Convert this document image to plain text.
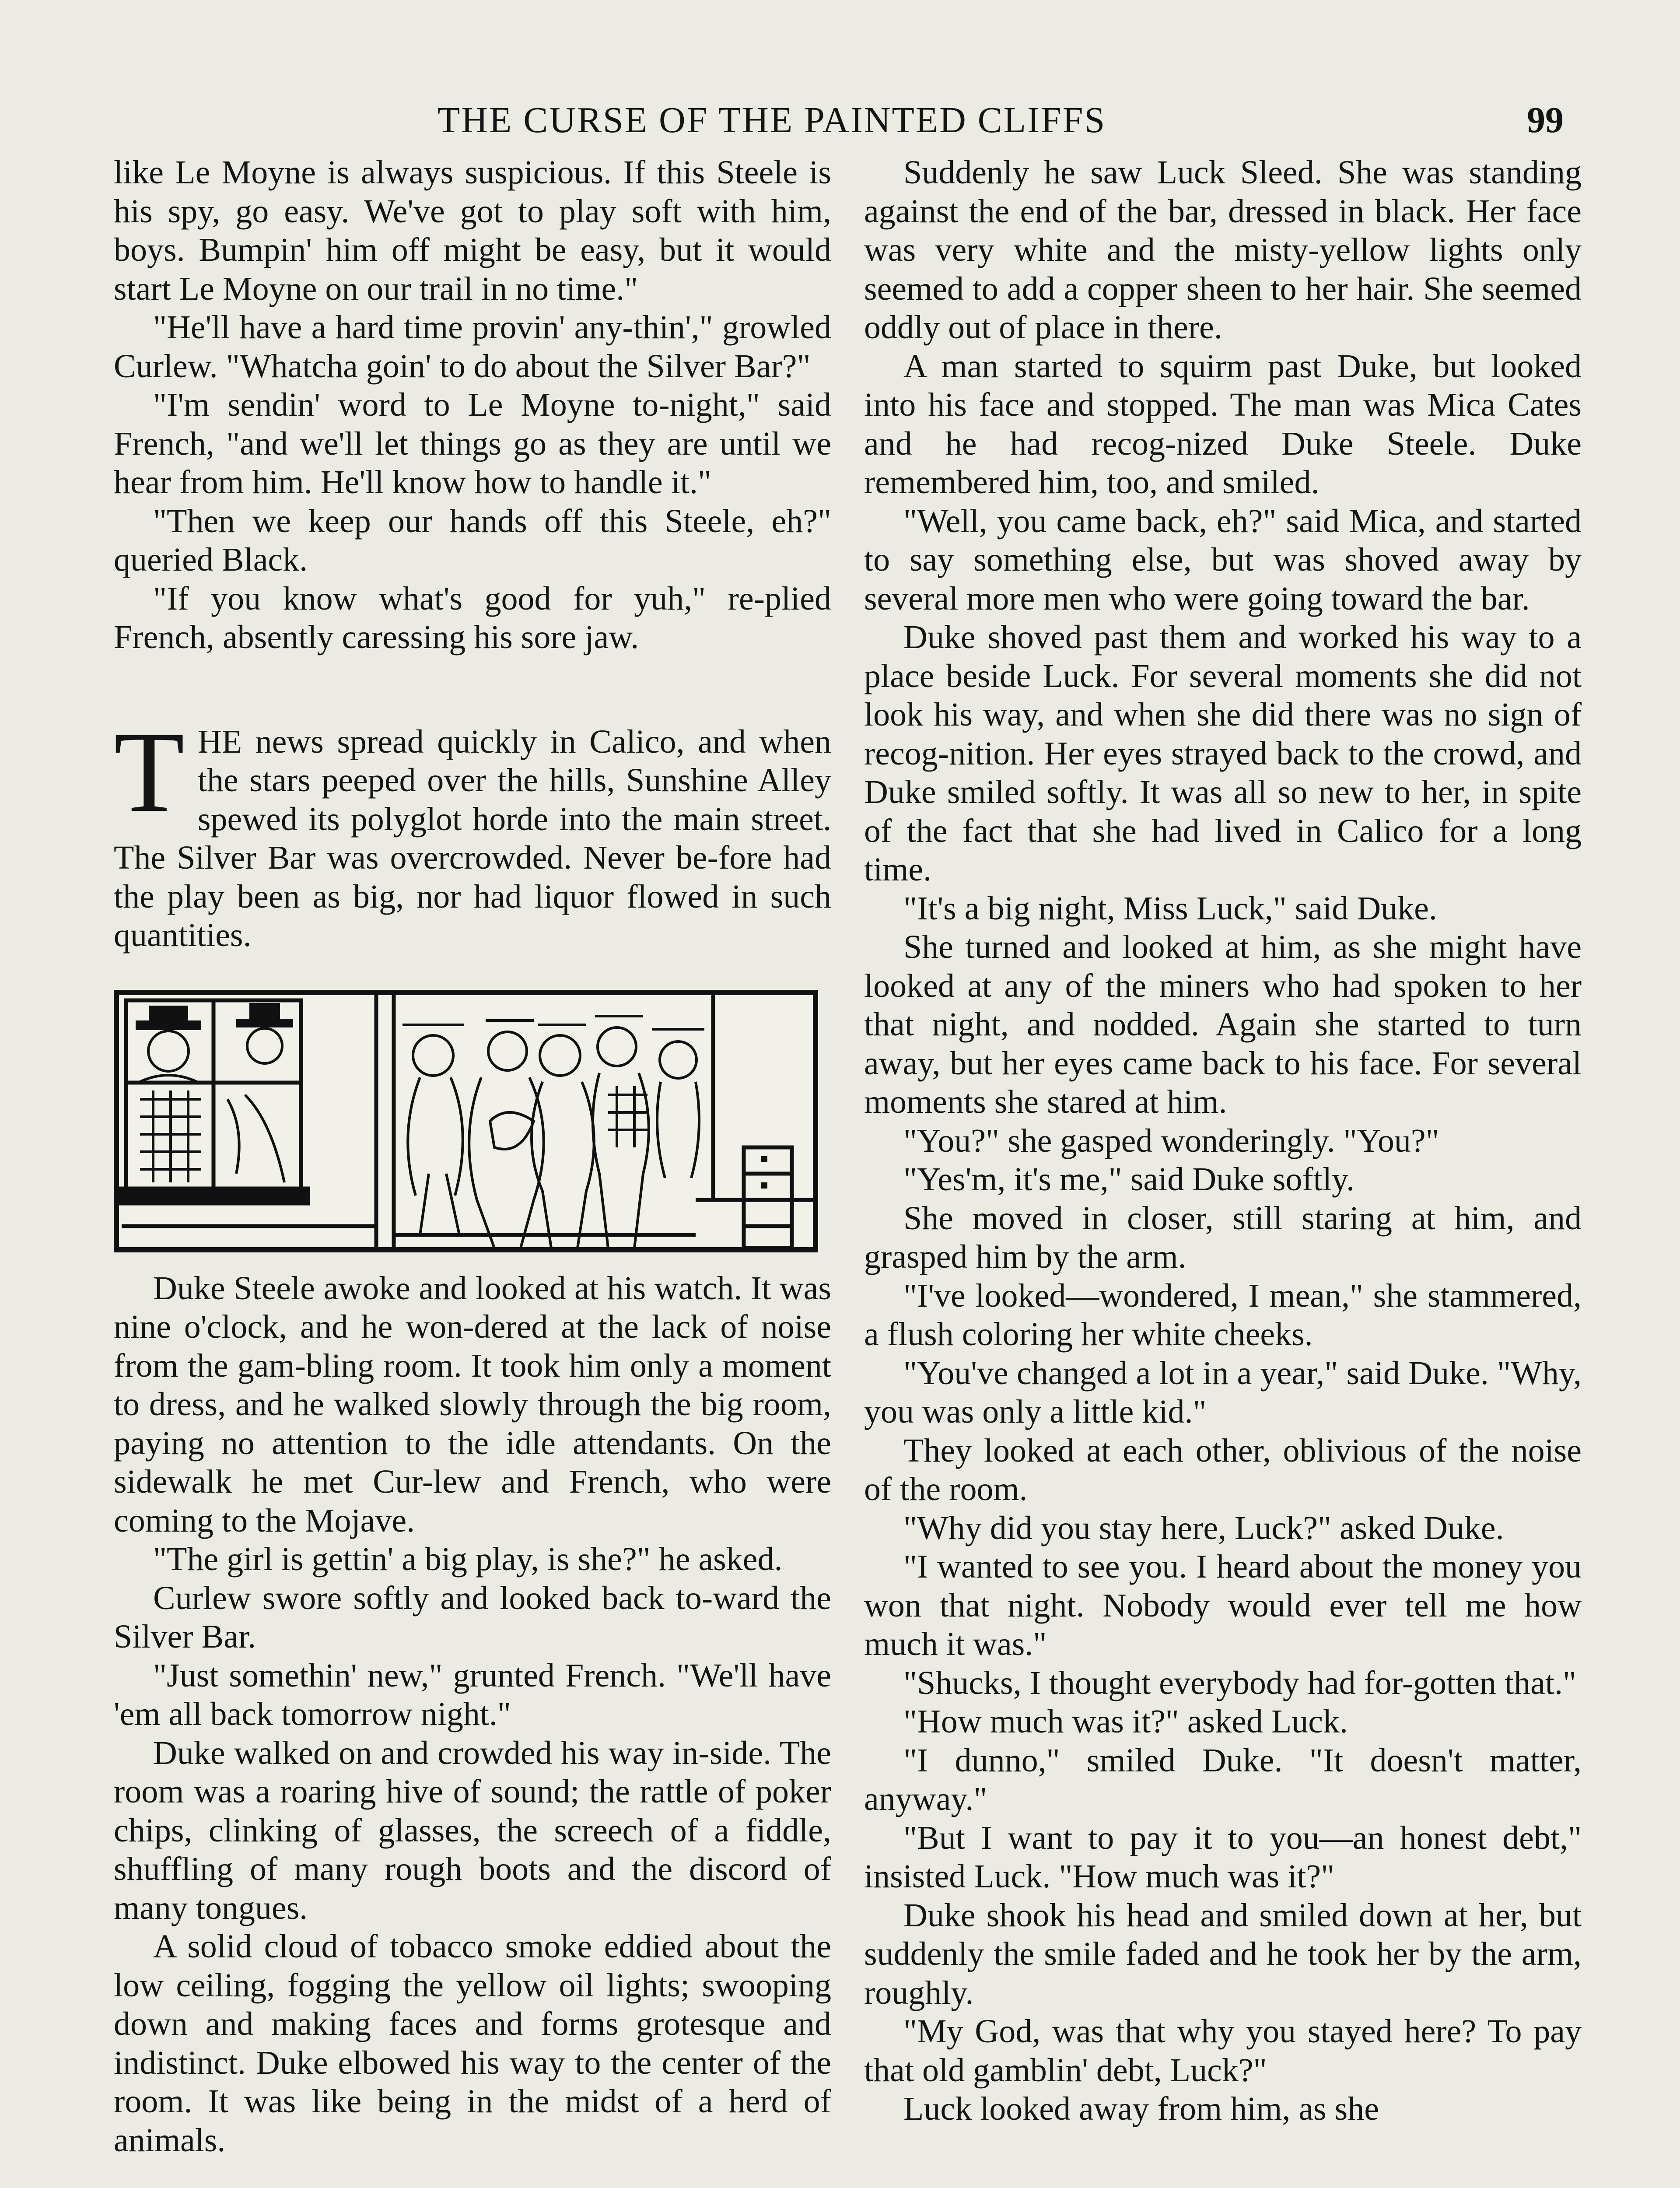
THE CURSE OF THE PAINTED CLIFFS	99

like Le Moyne is always suspicious. If this Steele is his spy, go easy. We've got to play soft with him, boys. Bumpin' him off might be easy, but it would start Le Moyne on our trail in no time."

"He'll have a hard time provin' any-thin'," growled Curlew. "Whatcha goin' to do about the Silver Bar?"

"I'm sendin' word to Le Moyne to-night," said French, "and we'll let things go as they are until we hear from him. He'll know how to handle it."

"Then we keep our hands off this Steele, eh?" queried Black.

"If you know what's good for yuh," re-plied French, absently caressing his sore jaw.

THE news spread quickly in Calico, and when the stars peeped over the hills, Sunshine Alley spewed its polyglot horde into the main street. The Silver Bar was overcrowded. Never be-fore had the play been as big, nor had liquor flowed in such quantities.

Duke Steele awoke and looked at his watch. It was nine o'clock, and he won-dered at the lack of noise from the gam-bling room. It took him only a moment to dress, and he walked slowly through the big room, paying no attention to the idle attendants. On the sidewalk he met Cur-lew and French, who were coming to the Mojave.

"The girl is gettin' a big play, is she?" he asked.

Curlew swore softly and looked back to-ward the Silver Bar.

"Just somethin' new," grunted French. "We'll have 'em all back tomorrow night."

Duke walked on and crowded his way in-side. The room was a roaring hive of sound; the rattle of poker chips, clinking of glasses, the screech of a fiddle, shuffling of many rough boots and the discord of many tongues.

A solid cloud of tobacco smoke eddied about the low ceiling, fogging the yellow oil lights; swooping down and making faces and forms grotesque and indistinct. Duke elbowed his way to the center of the room. It was like being in the midst of a herd of animals.

Suddenly he saw Luck Sleed. She was standing against the end of the bar, dressed in black. Her face was very white and the misty-yellow lights only seemed to add a copper sheen to her hair. She seemed oddly out of place in there.

A man started to squirm past Duke, but looked into his face and stopped. The man was Mica Cates and he had recog-nized Duke Steele. Duke remembered him, too, and smiled.

"Well, you came back, eh?" said Mica, and started to say something else, but was shoved away by several more men who were going toward the bar.

Duke shoved past them and worked his way to a place beside Luck. For several moments she did not look his way, and when she did there was no sign of recog-nition. Her eyes strayed back to the crowd, and Duke smiled softly. It was all so new to her, in spite of the fact that she had lived in Calico for a long time.

"It's a big night, Miss Luck," said Duke.

She turned and looked at him, as she might have looked at any of the miners who had spoken to her that night, and nodded. Again she started to turn away, but her eyes came back to his face. For several moments she stared at him.

"You?" she gasped wonderingly. "You?"

"Yes'm, it's me," said Duke softly.

She moved in closer, still staring at him, and grasped him by the arm.

"I've looked—wondered, I mean," she stammered, a flush coloring her white cheeks.

"You've changed a lot in a year," said Duke. "Why, you was only a little kid."

They looked at each other, oblivious of the noise of the room.

"Why did you stay here, Luck?" asked Duke.

"I wanted to see you. I heard about the money you won that night. Nobody would ever tell me how much it was."

"Shucks, I thought everybody had for-gotten that."

"How much was it?" asked Luck.

"I dunno," smiled Duke. "It doesn't matter, anyway."

"But I want to pay it to you—an honest debt," insisted Luck. "How much was it?"

Duke shook his head and smiled down at her, but suddenly the smile faded and he took her by the arm, roughly.

"My God, was that why you stayed here? To pay that old gamblin' debt, Luck?"

Luck looked away from him, as she
